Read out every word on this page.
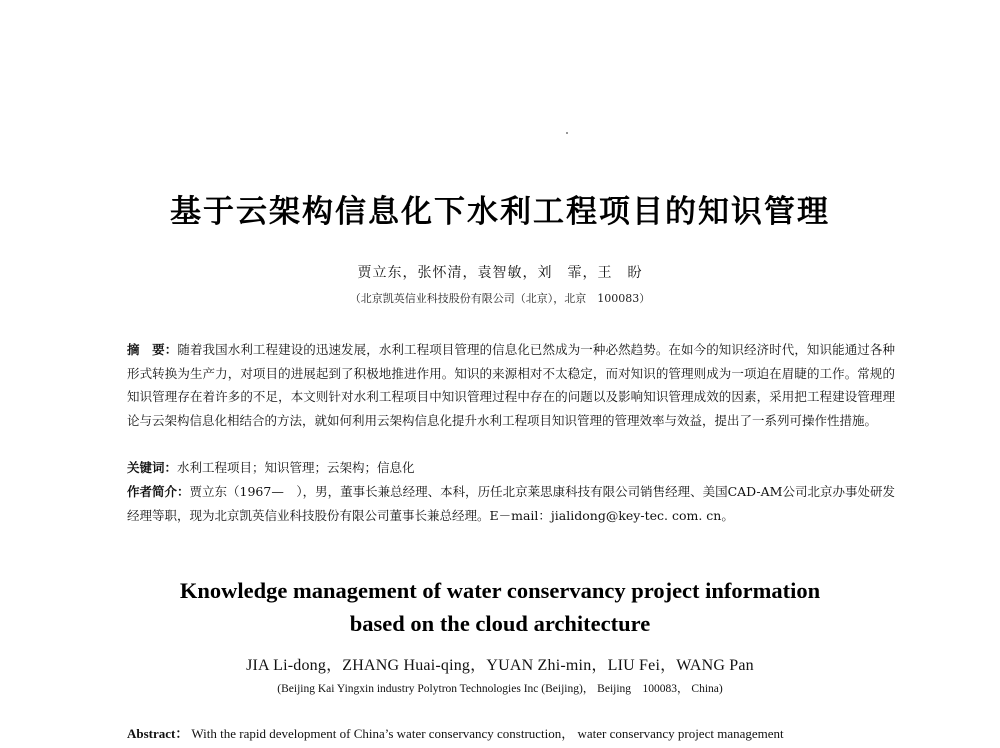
基于云架构信息化下水利工程项目的知识管理
贾立东，张怀清，袁智敏，刘　霏，王　盼
（北京凯英信业科技股份有限公司（北京），北京　100083）
摘　要：随着我国水利工程建设的迅速发展，水利工程项目管理的信息化已然成为一种必然趋势。在如今的知识经济时代，知识能通过各种形式转换为生产力，对项目的进展起到了积极地推进作用。知识的来源相对不太稳定，而对知识的管理则成为一项迫在眉睫的工作。常规的知识管理存在着许多的不足，本文则针对水利工程项目中知识管理过程中存在的问题以及影响知识管理成效的因素，采用把工程建设管理理论与云架构信息化相结合的方法，就如何利用云架构信息化提升水利工程项目知识管理的管理效率与效益，提出了一系列可操作性措施。
关键词：水利工程项目；知识管理；云架构；信息化
作者简介：贾立东（1967—　），男，董事长兼总经理、本科，历任北京莱思康科技有限公司销售经理、美国CAD-AM公司北京办事处研发经理等职，现为北京凯英信业科技股份有限公司董事长兼总经理。E－mail：jialidong@key-tec. com. cn。
Knowledge management of water conservancy project information
based on the cloud architecture
JIA Li-dong，ZHANG Huai-qing，YUAN Zhi-min，LIU Fei，WANG Pan
(Beijing Kai Yingxin industry Polytron Technologies Inc (Beijing)， Beijing　100083， China)
Abstract： With the rapid development of China’s water conservancy construction， water conservancy project management
